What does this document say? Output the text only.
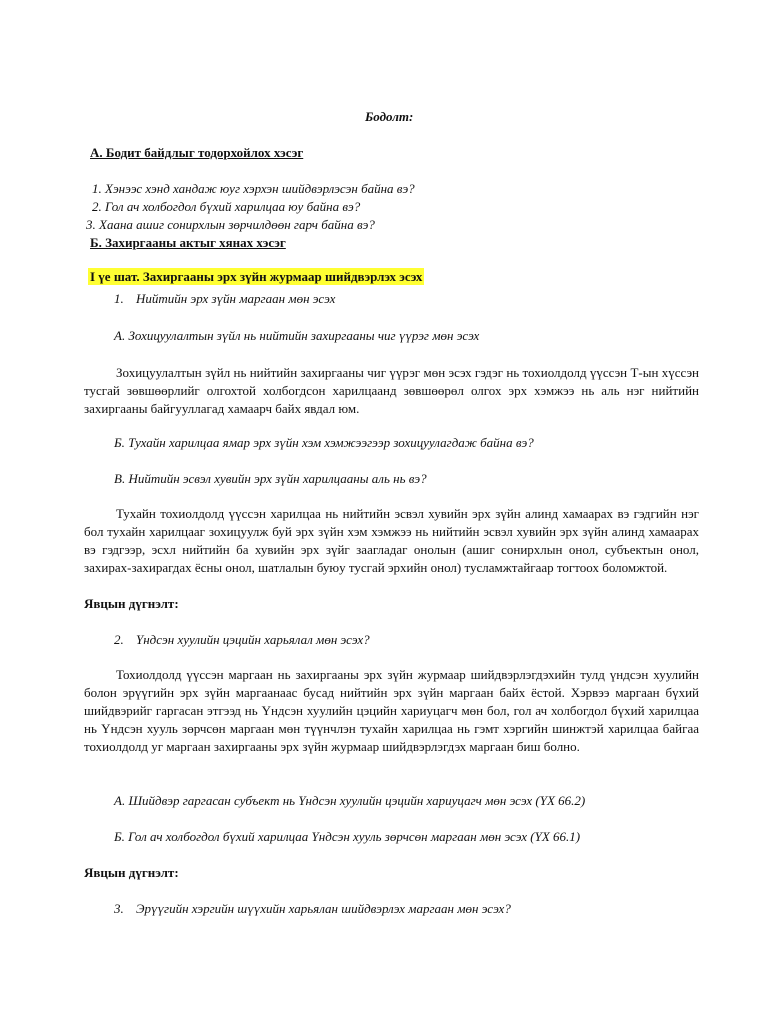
Бодолт:
А. Бодит байдлыг тодорхойлох хэсэг
1. Хэнээс хэнд хандаж юуг хэрхэн шийдвэрлэсэн байна вэ?
2. Гол ач холбогдол бүхий харилцаа юу байна вэ?
3. Хаана ашиг сонирхлын зөрчилдөөн гарч байна вэ?
Б. Захиргааны актыг хянах хэсэг
I үе шат. Захиргааны эрх зүйн журмаар шийдвэрлэх эсэх
1. Нийтийн эрх зүйн маргаан мөн эсэх
А. Зохицуулалтын зүйл нь нийтийн захиргааны чиг үүрэг мөн эсэх
Зохицуулалтын зүйл нь нийтийн захиргааны чиг үүрэг мөн эсэх гэдэг нь тохиолдолд үүссэн Т-ын хүссэн тусгай зөвшөөрлийг олгохтой холбогдсон харилцаанд зөвшөөрөл олгох эрх хэмжээ нь аль нэг нийтийн захиргааны байгууллагад хамаарч байх явдал юм.
Б. Тухайн харилцаа ямар эрх зүйн хэм хэмжээгээр зохицуулагдаж байна вэ?
В. Нийтийн эсвэл хувийн эрх зүйн харилцааны аль нь вэ?
Тухайн тохиолдолд үүссэн харилцаа нь нийтийн эсвэл хувийн эрх зүйн алинд хамаарах вэ гэдгийн нэг бол тухайн харилцааг зохицуулж буй эрх зүйн хэм хэмжээ нь нийтийн эсвэл хувийн эрх зүйн алинд хамаарах вэ гэдгээр, эсхл нийтийн ба хувийн эрх зүйг заагладаг онолын (ашиг сонирхлын онол, субъектын онол, захирах-захирагдах ёсны онол, шатлалын буюу тусгай эрхийн онол) тусламжтайгаар тогтоох боломжтой.
Явцын дүгнэлт:
2. Үндсэн хуулийн цэцийн харьялал мөн эсэх?
Тохиолдолд үүссэн маргаан нь захиргааны эрх зүйн журмаар шийдвэрлэгдэхийн тулд үндсэн хуулийн болон эрүүгийн эрх зүйн маргаанаас бусад нийтийн эрх зүйн маргаан байх ёстой. Хэрвээ маргаан бүхий шийдвэрийг гаргасан этгээд нь Үндсэн хуулийн цэцийн хариуцагч мөн бол, гол ач холбогдол бүхий харилцаа нь Үндсэн хууль зөрчсөн маргаан мөн түүнчлэн тухайн харилцаа нь гэмт хэргийн шинжтэй харилцаа байгаа тохиолдолд уг маргаан захиргааны эрх зүйн журмаар шийдвэрлэгдэх маргаан биш болно.
А. Шийдвэр гаргасан субъект нь Үндсэн хуулийн цэцийн хариуцагч мөн эсэх (ҮХ 66.2)
Б. Гол ач холбогдол бүхий харилцаа Үндсэн хууль зөрчсөн маргаан мөн эсэх (ҮХ 66.1)
Явцын дүгнэлт:
3. Эрүүгийн хэргийн шүүхийн харьялан шийдвэрлэх маргаан мөн эсэх?
